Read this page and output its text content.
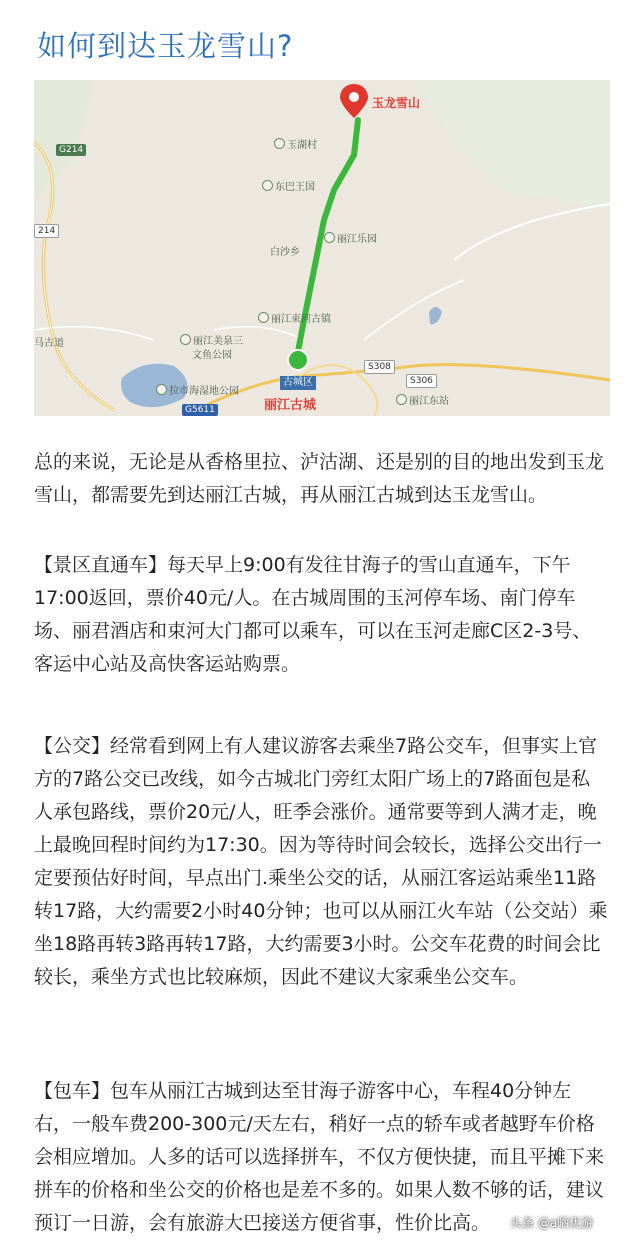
如何到达玉龙雪山?
玉龙雪山
玉湖村
东巴王国
丽江乐园
白沙乡
丽江束河古镇
丽江美泉三
文鱼公园
拉市海湿地公园
丽江东站
马古道
G214
214
G5611
S308
S306
古城区
丽江古城

总的来说，无论是从香格里拉、泸沽湖、还是别的目的地出发到玉龙雪山，都需要先到达丽江古城，再从丽江古城到达玉龙雪山。

【景区直通车】每天早上9:00有发往甘海子的雪山直通车，下午17:00返回，票价40元/人。在古城周围的玉河停车场、南门停车场、丽君酒店和束河大门都可以乘车，可以在玉河走廊C区2-3号、客运中心站及高快客运站购票。

【公交】经常看到网上有人建议游客去乘坐7路公交车，但事实上官方的7路公交已改线，如今古城北门旁红太阳广场上的7路面包是私人承包路线，票价20元/人，旺季会涨价。通常要等到人满才走，晚上最晚回程时间约为17:30。因为等待时间会较长，选择公交出行一定要预估好时间，早点出门.乘坐公交的话，从丽江客运站乘坐11路转17路，大约需要2小时40分钟；也可以从丽江火车站（公交站）乘坐18路再转3路再转17路，大约需要3小时。公交车花费的时间会比较长，乘坐方式也比较麻烦，因此不建议大家乘坐公交车。

【包车】包车从丽江古城到达至甘海子游客中心，车程40分钟左右，一般车费200-300元/天左右，稍好一点的轿车或者越野车价格会相应增加。人多的话可以选择拼车，不仅方便快捷，而且平摊下来拼车的价格和坐公交的价格也是差不多的。如果人数不够的话，建议预订一日游，会有旅游大巴接送方便省事，性价比高。	头条 @a晒优游
